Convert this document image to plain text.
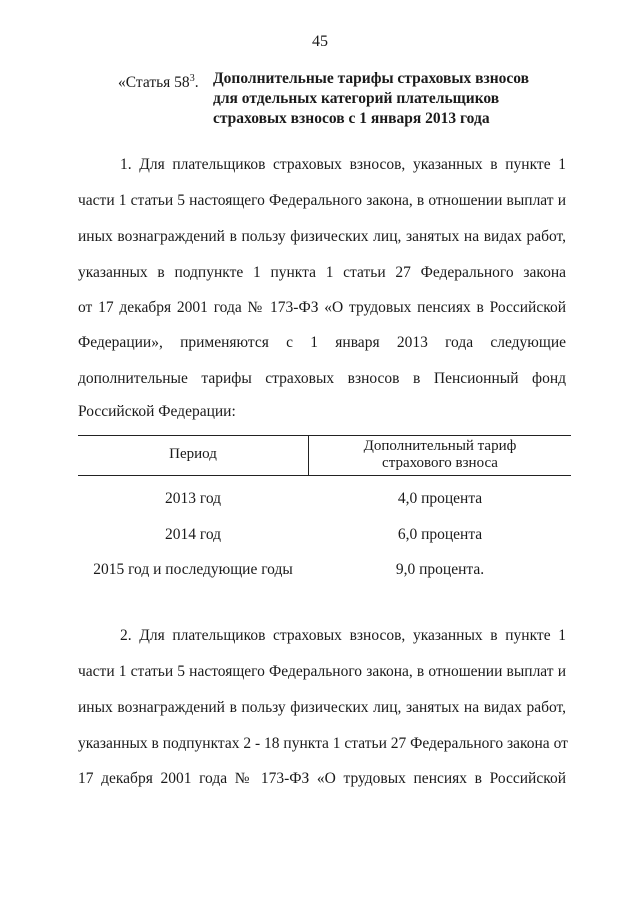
45
«Статья $58^3$. Дополнительные тарифы страховых взносов
для отдельных категорий плательщиков
страховых взносов с 1 января 2013 года
1. Для плательщиков страховых взносов, указанных в пункте 1
части 1 статьи 5 настоящего Федерального закона, в отношении выплат и
иных вознаграждений в пользу физических лиц, занятых на видах работ,
указанных в подпункте 1 пункта 1 статьи 27 Федерального закона
от 17 декабря 2001 года № 173-ФЗ «О трудовых пенсиях в Российской
Федерации», применяются с 1 января 2013 года следующие
дополнительные тарифы страховых взносов в Пенсионный фонд
Российской Федерации:
Период	Дополнительный тариф
страхового взноса
2013 год	4,0 процента
2014 год	6,0 процента
2015 год и последующие годы	9,0 процента.
2. Для плательщиков страховых взносов, указанных в пункте 1
части 1 статьи 5 настоящего Федерального закона, в отношении выплат и
иных вознаграждений в пользу физических лиц, занятых на видах работ,
указанных в подпунктах 2 - 18 пункта 1 статьи 27 Федерального закона от
17 декабря 2001 года № 173-ФЗ «О трудовых пенсиях в Российской
